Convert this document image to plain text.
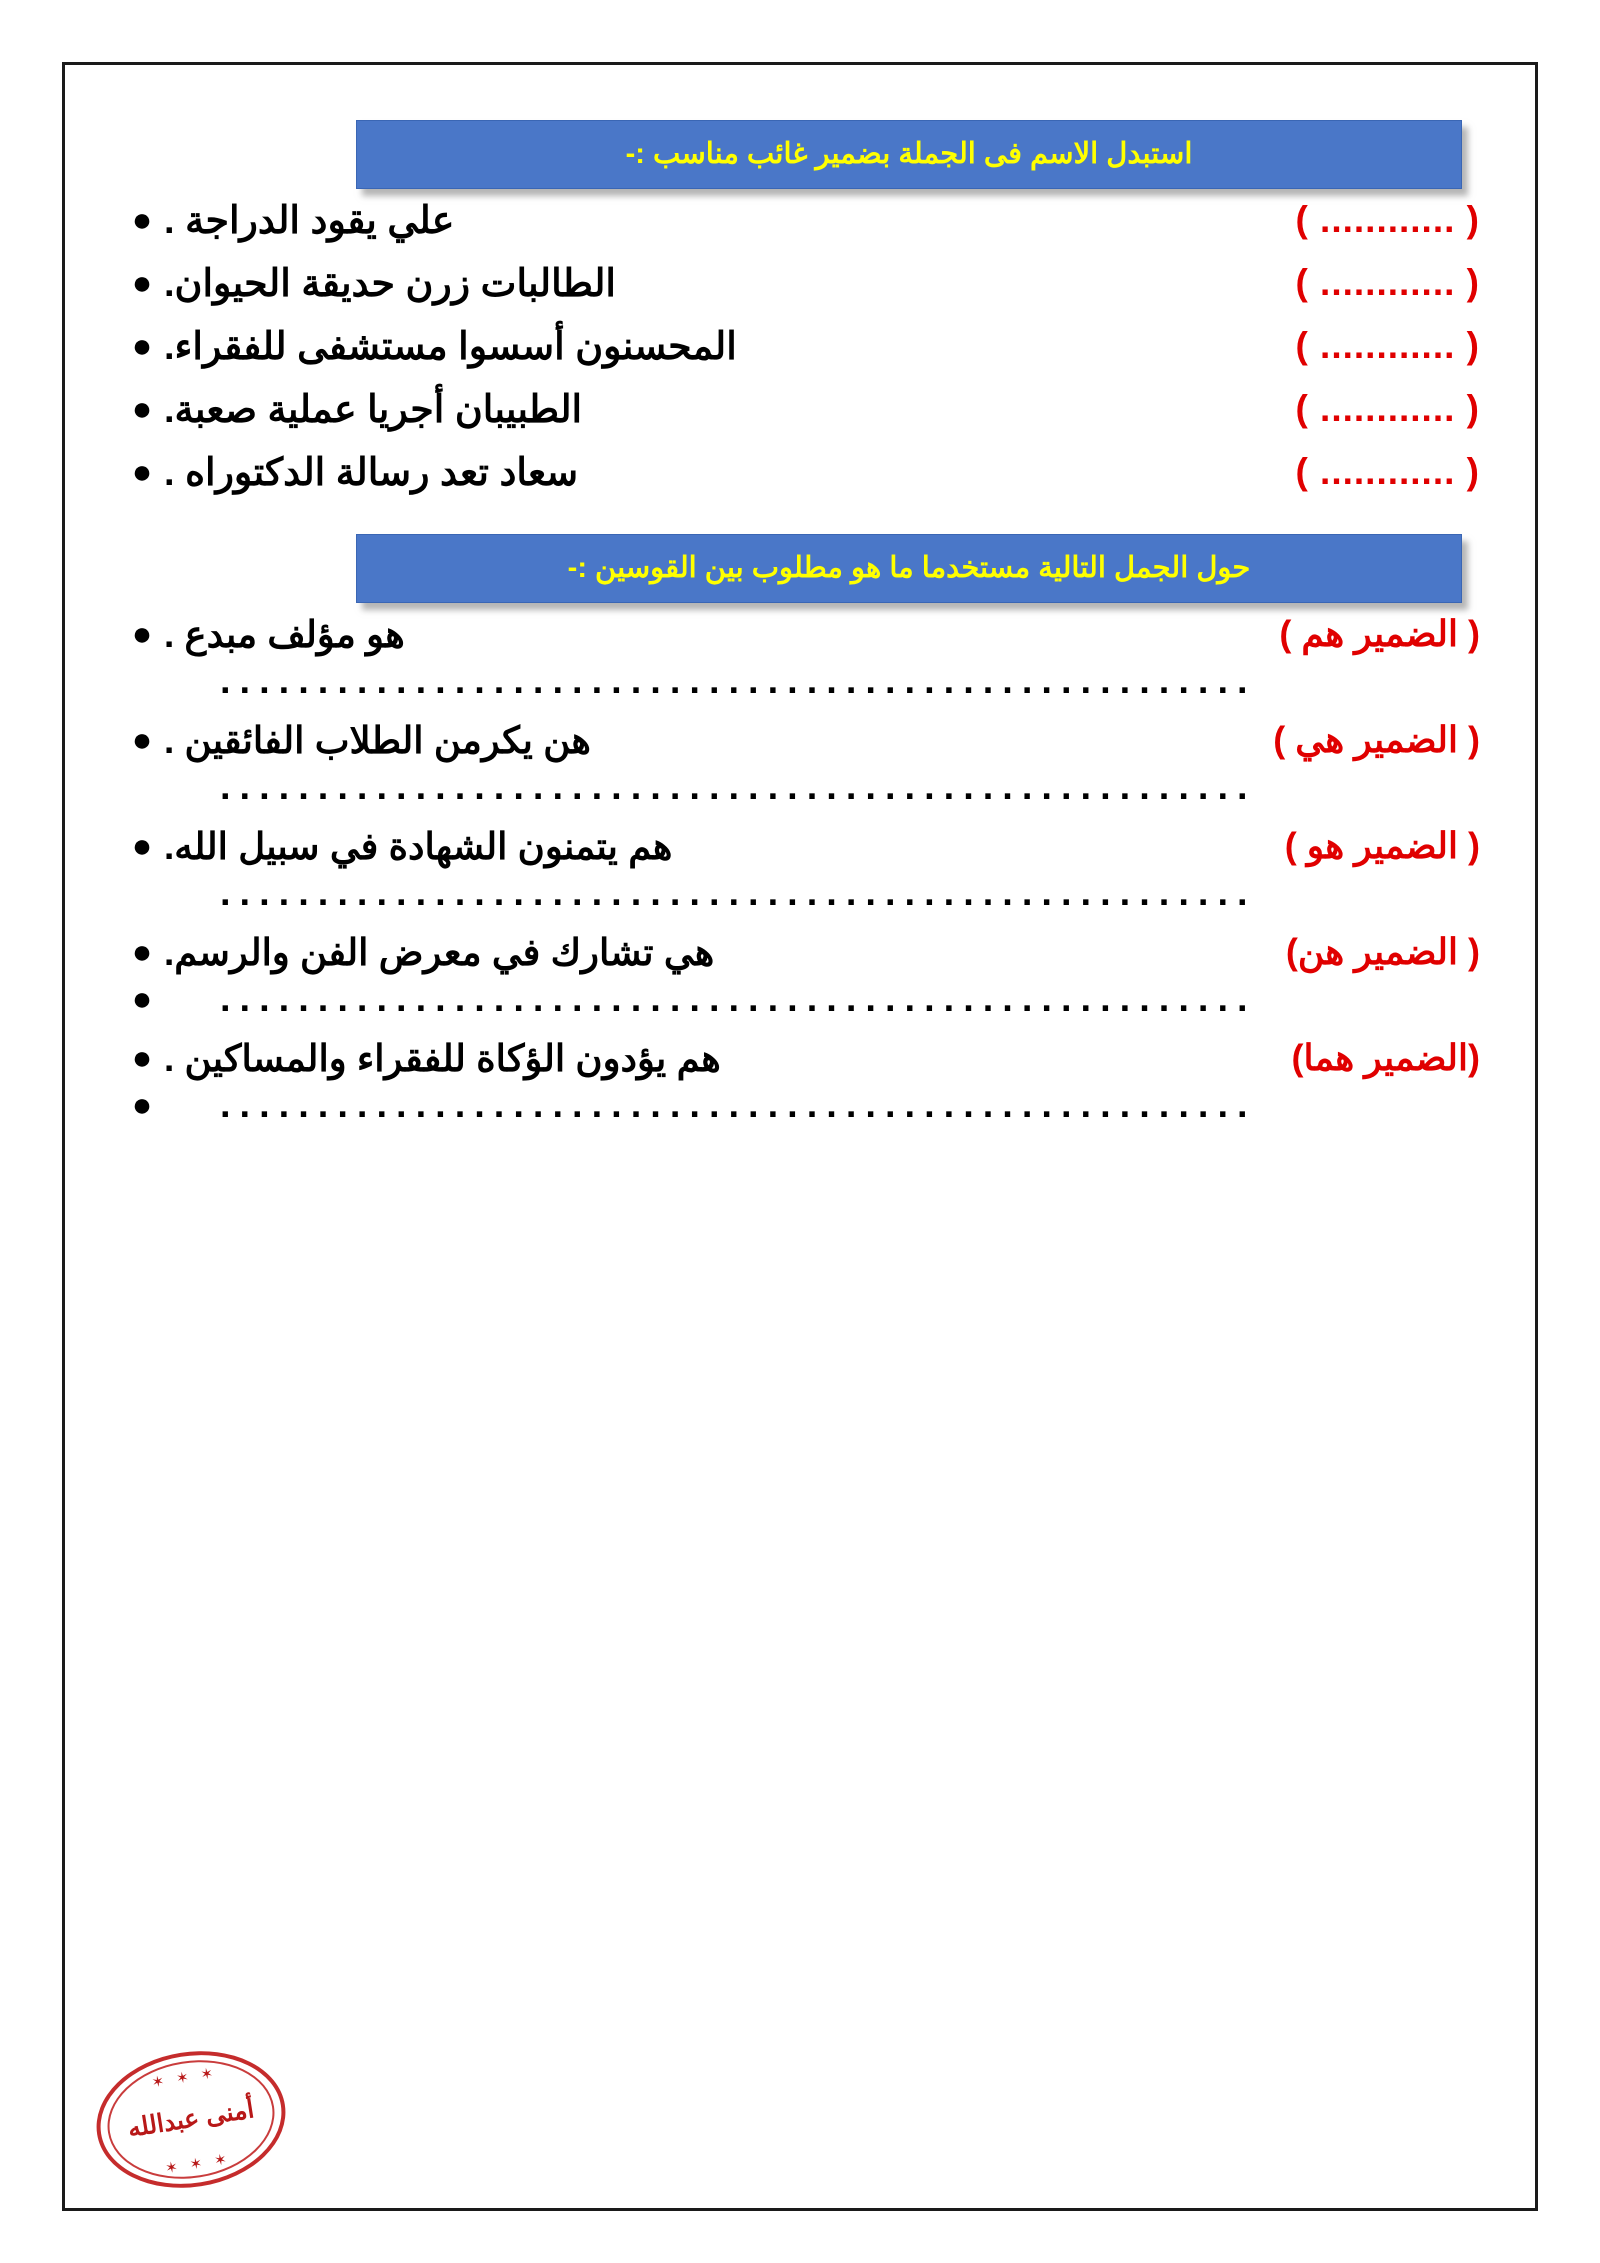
استبدل الاسم فى الجملة بضمير غائب مناسب :-
( ............ )
علي يقود الدراجة .
●
( ............ )
الطالبات زرن حديقة الحيوان.
●
( ............ )
المحسنون أسسوا مستشفى للفقراء.
●
( ............ )
الطبيبان أجريا عملية صعبة.
●
( ............ )
سعاد تعد رسالة الدكتوراه .
●
حول الجمل التالية مستخدما ما هو مطلوب بين القوسين :-
( الضمير هم )
هو مؤلف مبدع .
●
.....................................................
( الضمير هي )
هن يكرمن الطلاب الفائقين .
●
.....................................................
( الضمير هو )
هم يتمنون الشهادة في سبيل الله.
●
.....................................................
( الضمير هن)
هي تشارك في معرض الفن والرسم.
●
.....................................................
●
(الضمير هما)
هم يؤدون الؤكاة للفقراء والمساكين .
●
.....................................................
●
✶ ✶ ✶
أمنى عبدالله
✶ ✶ ✶
